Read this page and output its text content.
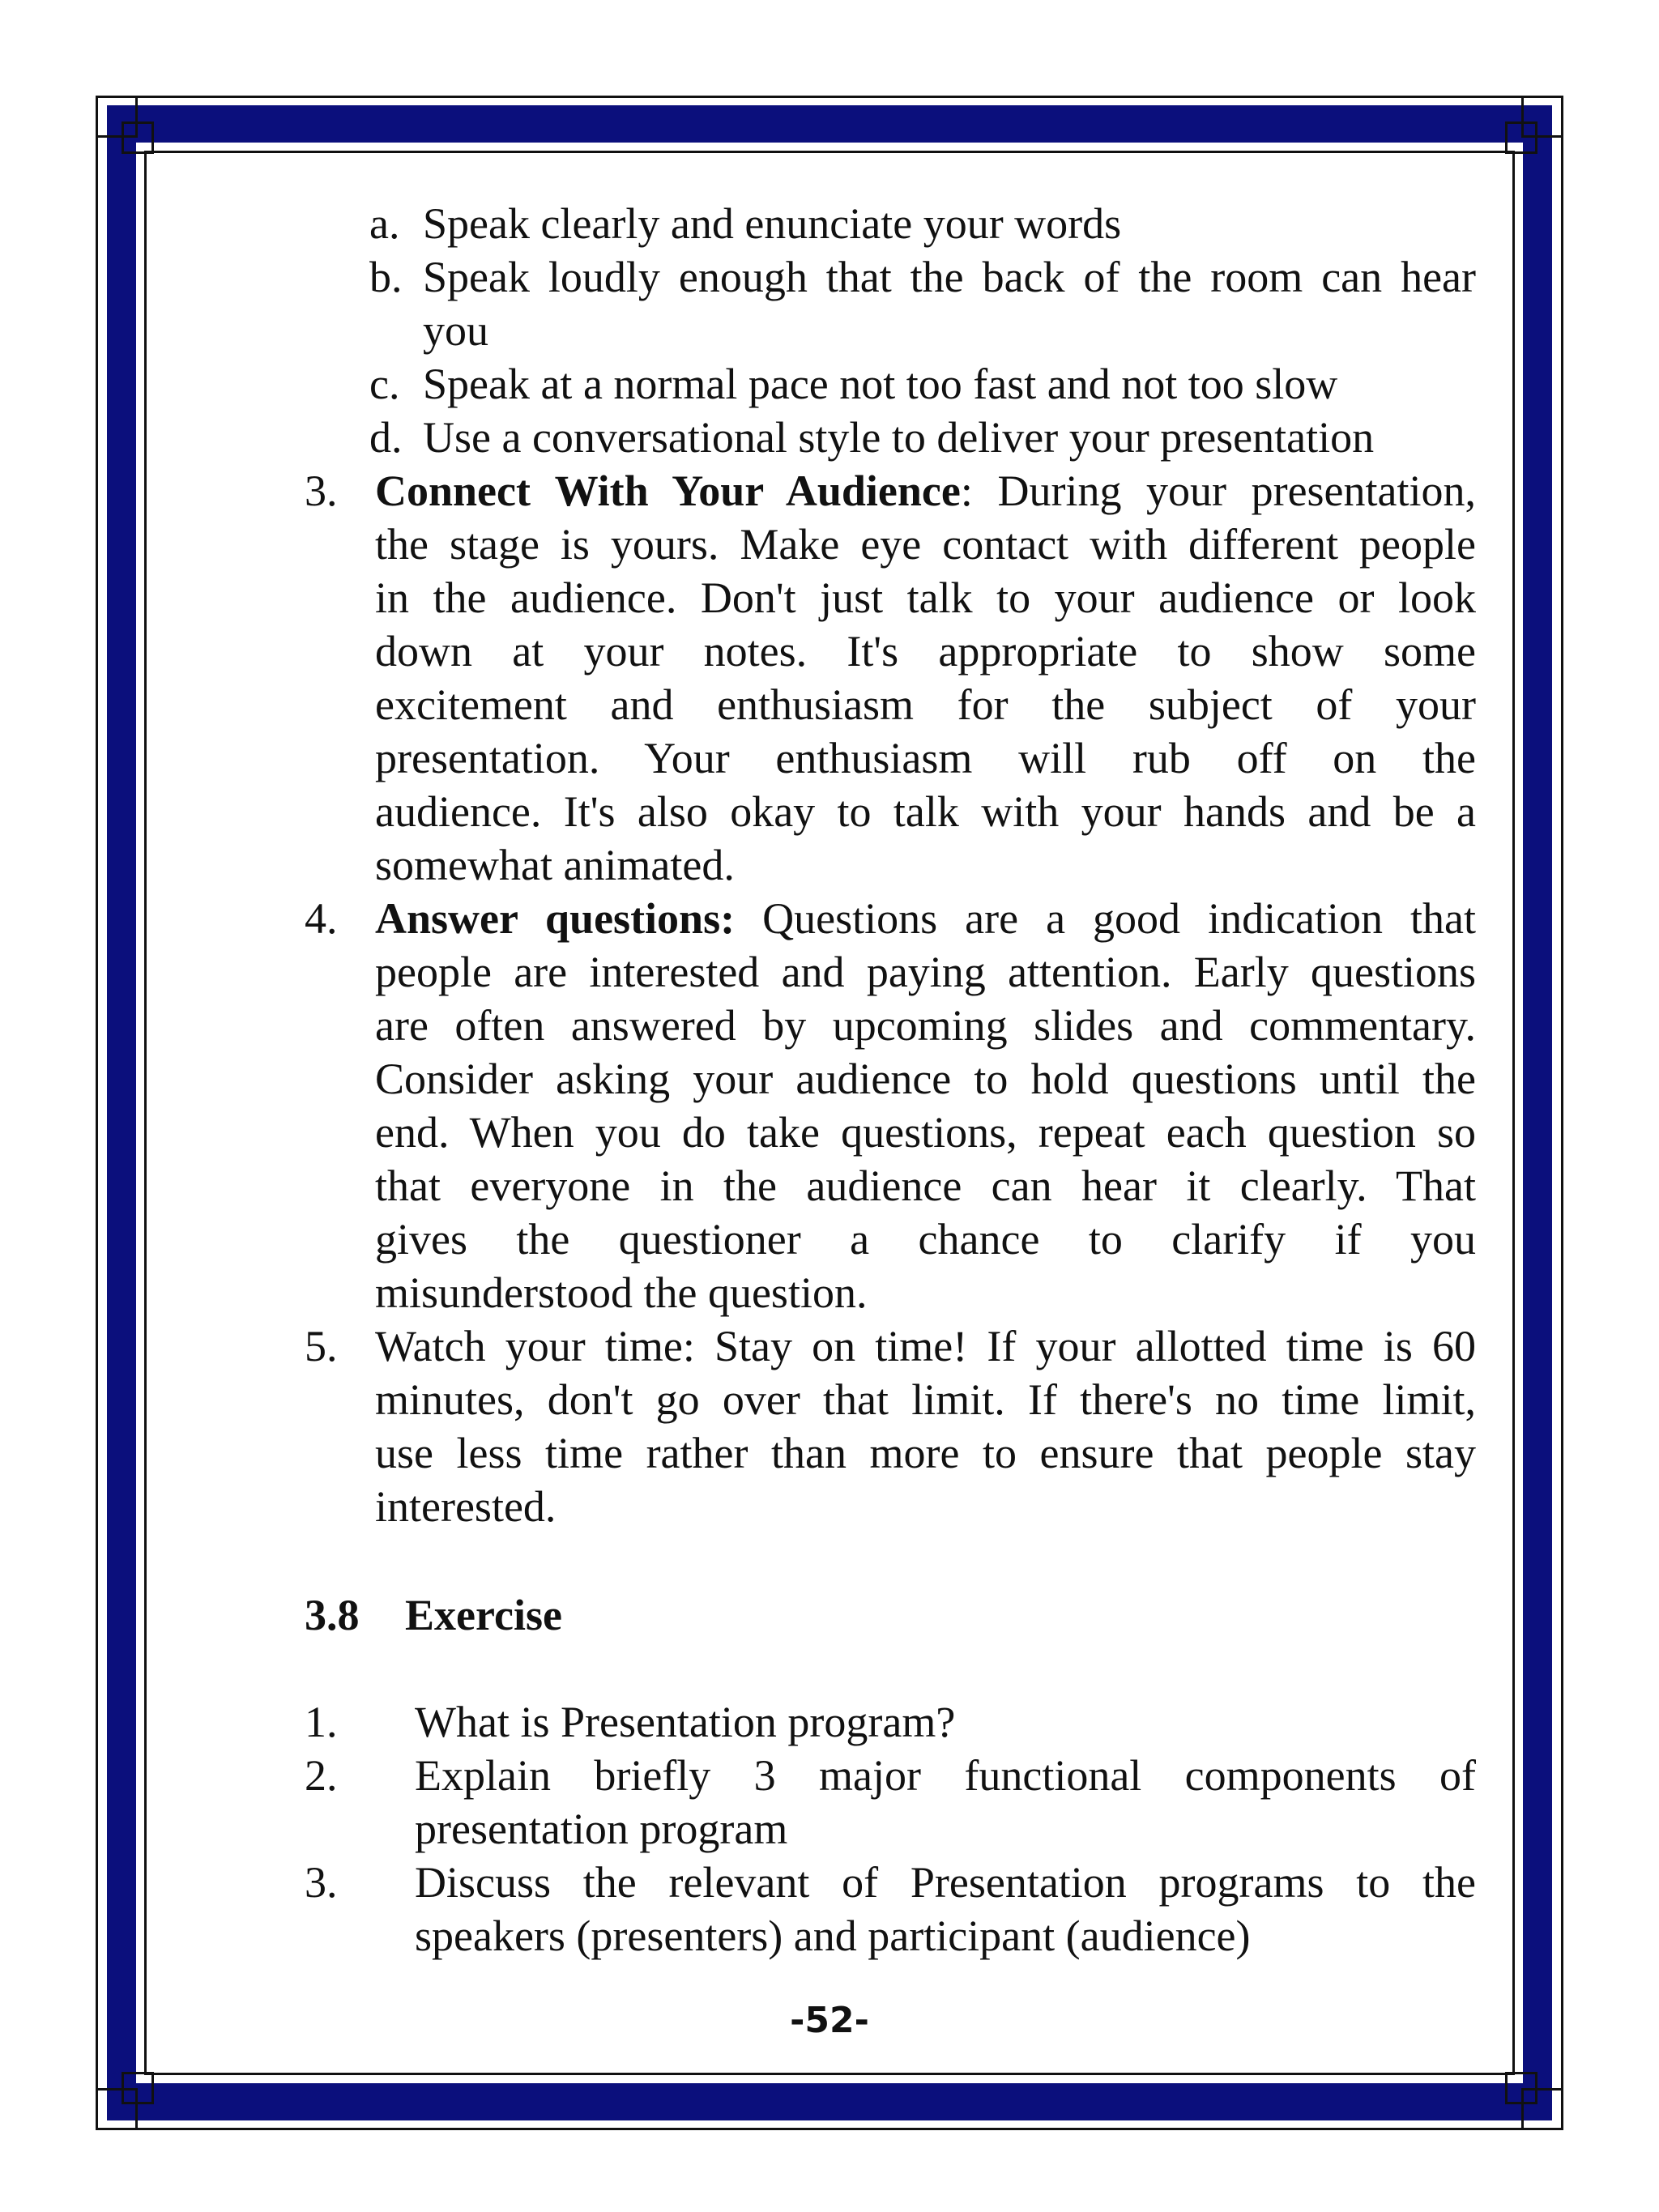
a. Speak clearly and enunciate your words
b. Speak loudly enough that the back of the room can hear
you
c. Speak at a normal pace not too fast and not too slow
d. Use a conversational style to deliver your presentation
3. Connect With Your Audience: During your presentation,
the stage is yours. Make eye contact with different people
in the audience. Don't just talk to your audience or look
down at your notes. It's appropriate to show some
excitement and enthusiasm for the subject of your
presentation. Your enthusiasm will rub off on the
audience. It's also okay to talk with your hands and be a
somewhat animated.
4. Answer questions: Questions are a good indication that
people are interested and paying attention. Early questions
are often answered by upcoming slides and commentary.
Consider asking your audience to hold questions until the
end. When you do take questions, repeat each question so
that everyone in the audience can hear it clearly. That
gives the questioner a chance to clarify if you
misunderstood the question.
5. Watch your time: Stay on time! If your allotted time is 60
minutes, don't go over that limit. If there's no time limit,
use less time rather than more to ensure that people stay
interested.
3.8 Exercise
1. What is Presentation program?
2. Explain briefly 3 major functional components of
presentation program
3. Discuss the relevant of Presentation programs to the
speakers (presenters) and participant (audience)
-52-
